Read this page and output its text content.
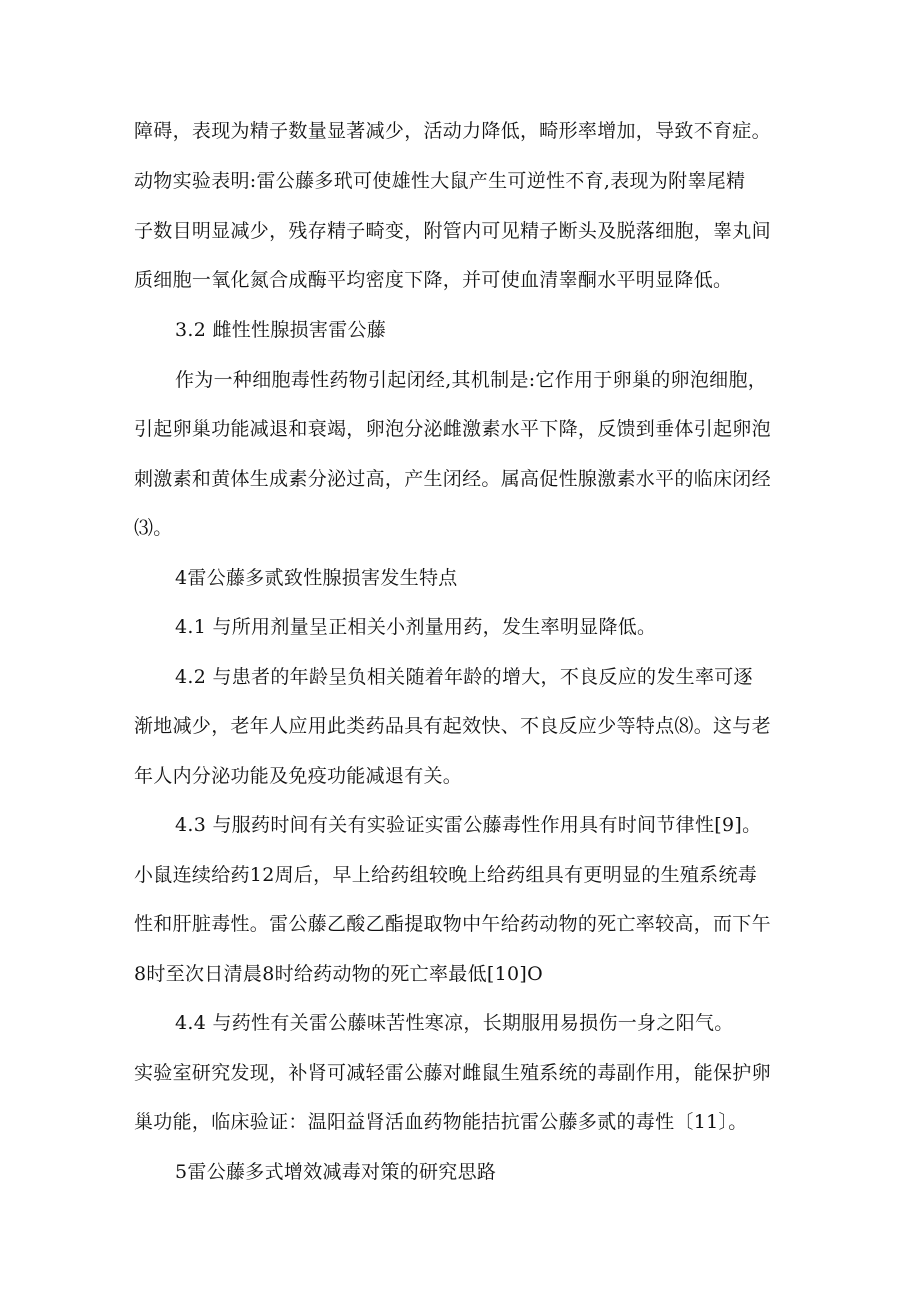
障碍，表现为精子数量显著减少，活动力降低，畸形率增加，导致不育症。
动物实验表明:雷公藤多玳可使雄性大鼠产生可逆性不育,表现为附睾尾精
子数目明显减少，残存精子畸变，附管内可见精子断头及脱落细胞，睾丸间
质细胞一氧化氮合成酶平均密度下降，并可使血清睾酮水平明显降低。
3.2 雌性性腺损害雷公藤
作为一种细胞毒性药物引起闭经,其机制是:它作用于卵巢的卵泡细胞，
引起卵巢功能减退和衰竭，卵泡分泌雌激素水平下降，反馈到垂体引起卵泡
刺激素和黄体生成素分泌过高，产生闭经。属高促性腺激素水平的临床闭经
⑶。
4雷公藤多贰致性腺损害发生特点
4.1 与所用剂量呈正相关小剂量用药，发生率明显降低。
4.2 与患者的年龄呈负相关随着年龄的增大，不良反应的发生率可逐
渐地减少，老年人应用此类药品具有起效快、不良反应少等特点⑻。这与老
年人内分泌功能及免疫功能减退有关。
4.3 与服药时间有关有实验证实雷公藤毒性作用具有时间节律性[9]。
小鼠连续给药12周后，早上给药组较晚上给药组具有更明显的生殖系统毒
性和肝脏毒性。雷公藤乙酸乙酯提取物中午给药动物的死亡率较高，而下午
8时至次日清晨8时给药动物的死亡率最低[10]O
4.4 与药性有关雷公藤味苦性寒凉，长期服用易损伤一身之阳气。
实验室研究发现，补肾可减轻雷公藤对雌鼠生殖系统的毒副作用，能保护卵
巢功能，临床验证：温阳益肾活血药物能拮抗雷公藤多贰的毒性〔11〕。
5雷公藤多式增效减毒对策的研究思路
